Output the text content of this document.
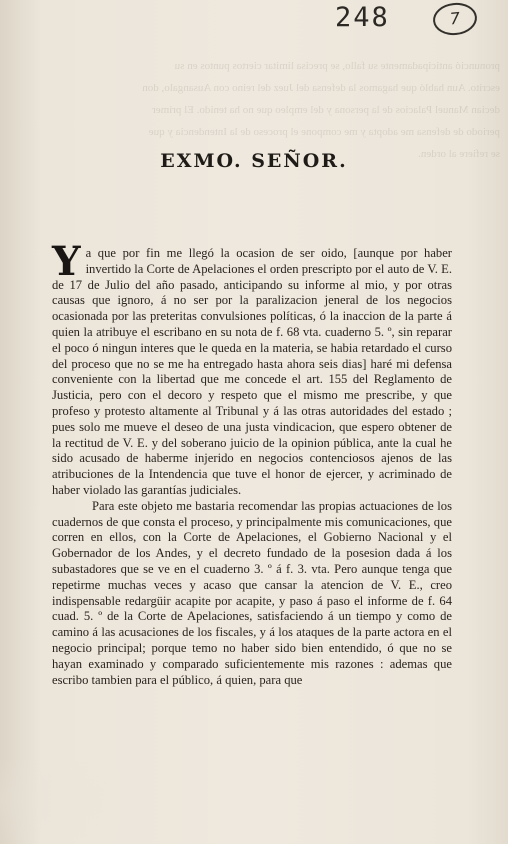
pronunció anticipadamente su fallo, se precisa limitar ciertos puntos en su escrito. Aun habló que hagamos la defensa del Juez del reino con Ausangalo, don decian Manuel Palacios de la persona y del empleo que no ha tenido. El primer periodo de defensa me adopta y me compone el proceso de la Intendencia y que se refiere al orden.
248	7
EXMO. SEÑOR.

Y a que por fin me llegó la ocasion de ser oido, [aunque por haber invertido la Corte de Apelaciones el orden prescripto por el auto de V. E. de 17 de Julio del año pasado, anticipando su informe al mio, y por otras causas que ignoro, á no ser por la paralizacion jeneral de los negocios ocasionada por las preteritas convulsiones políticas, ó la inaccion de la parte á quien la atribuye el escribano en su nota de f. 68 vta. cuaderno 5. º, sin reparar el poco ó ningun interes que le queda en la materia, se habia retardado el curso del proceso que no se me ha entregado hasta ahora seis dias] haré mi defensa conveniente con la libertad que me concede el art. 155 del Reglamento de Justicia, pero con el decoro y respeto que el mismo me prescribe, y que profeso y protesto altamente al Tribunal y á las otras autoridades del estado ; pues solo me mueve el deseo de una justa vindicacion, que espero obtener de la rectitud de V. E. y del soberano juicio de la opinion pública, ante la cual he sido acusado de haberme injerido en negocios contenciosos ajenos de las atribuciones de la Intendencia que tuve el honor de ejercer, y acriminado de haber violado las garantías judiciales.

Para este objeto me bastaria recomendar las propias actuaciones de los cuadernos de que consta el proceso, y principalmente mis comunicaciones, que corren en ellos, con la Corte de Apelaciones, el Gobierno Nacional y el Gobernador de los Andes, y el decreto fundado de la posesion dada á los subastadores que se ve en el cuaderno 3. º á f. 3. vta. Pero aunque tenga que repetirme muchas veces y acaso que cansar la atencion de V. E., creo indispensable redargüir acapite por acapite, y paso á paso el informe de f. 64 cuad. 5. º de la Corte de Apelaciones, satisfaciendo á un tiempo y como de camino á las acusaciones de los fiscales, y á los ataques de la parte actora en el negocio principal; porque temo no haber sido bien entendido, ó que no se hayan examinado y comparado suficientemente mis razones : ademas que escribo tambien para el público, á quien, para que
